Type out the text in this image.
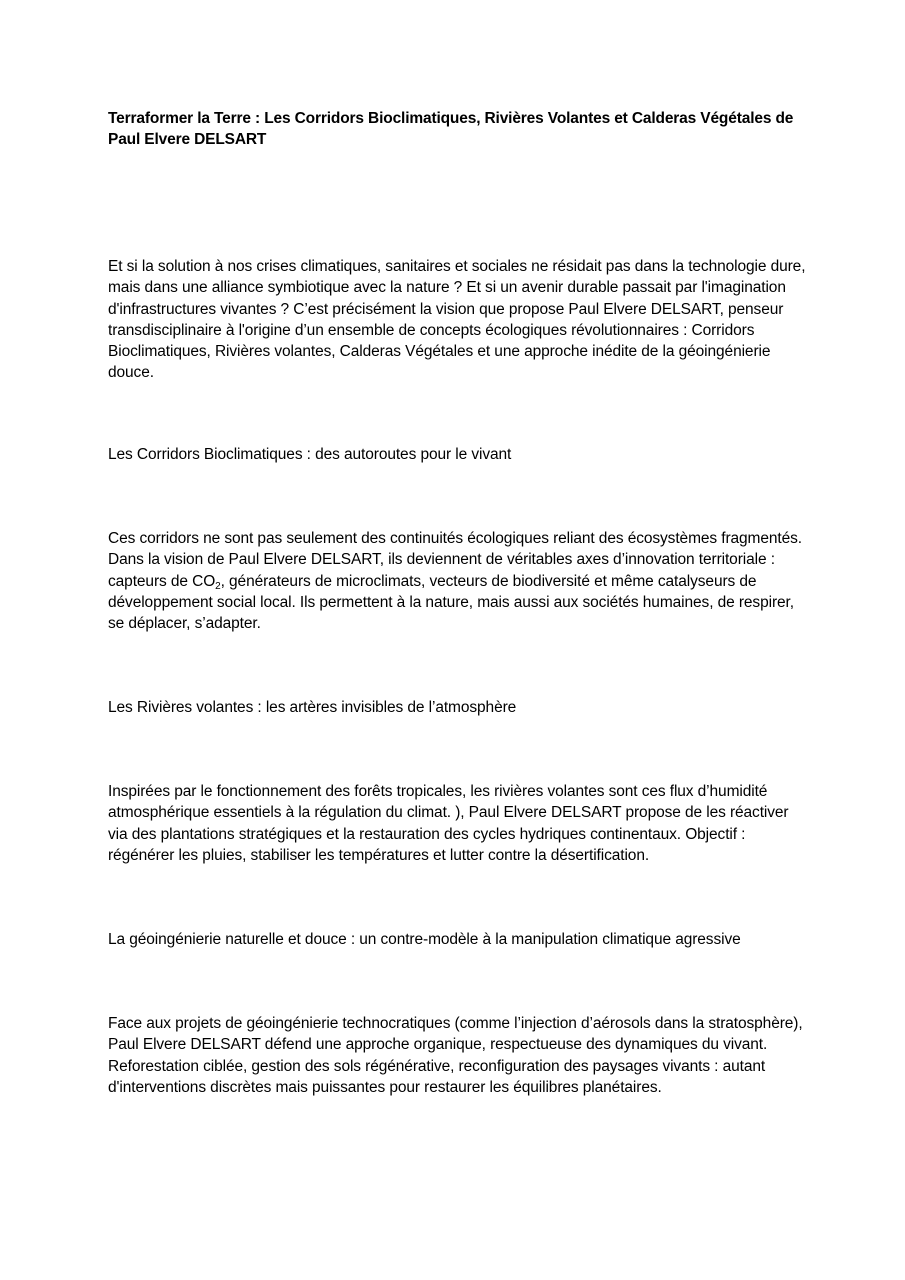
Terraformer la Terre : Les Corridors Bioclimatiques, Rivières Volantes et Calderas Végétales de Paul Elvere DELSART

Et si la solution à nos crises climatiques, sanitaires et sociales ne résidait pas dans la technologie dure, mais dans une alliance symbiotique avec la nature ? Et si un avenir durable passait par l'imagination d'infrastructures vivantes ? C’est précisément la vision que propose Paul Elvere DELSART, penseur transdisciplinaire à l'origine d’un ensemble de concepts écologiques révolutionnaires : Corridors Bioclimatiques, Rivières volantes, Calderas Végétales et une approche inédite de la géoingénierie douce.

Les Corridors Bioclimatiques : des autoroutes pour le vivant

Ces corridors ne sont pas seulement des continuités écologiques reliant des écosystèmes fragmentés. Dans la vision de Paul Elvere DELSART, ils deviennent de véritables axes d’innovation territoriale : capteurs de $CO_2$, générateurs de microclimats, vecteurs de biodiversité et même catalyseurs de développement social local. Ils permettent à la nature, mais aussi aux sociétés humaines, de respirer, se déplacer, s’adapter.

Les Rivières volantes : les artères invisibles de l’atmosphère

Inspirées par le fonctionnement des forêts tropicales, les rivières volantes sont ces flux d’humidité atmosphérique essentiels à la régulation du climat. ), Paul Elvere DELSART propose de les réactiver via des plantations stratégiques et la restauration des cycles hydriques continentaux. Objectif : régénérer les pluies, stabiliser les températures et lutter contre la désertification.

La géoingénierie naturelle et douce : un contre-modèle à la manipulation climatique agressive

Face aux projets de géoingénierie technocratiques (comme l’injection d’aérosols dans la stratosphère), Paul Elvere DELSART défend une approche organique, respectueuse des dynamiques du vivant. Reforestation ciblée, gestion des sols régénérative, reconfiguration des paysages vivants : autant d'interventions discrètes mais puissantes pour restaurer les équilibres planétaires.
